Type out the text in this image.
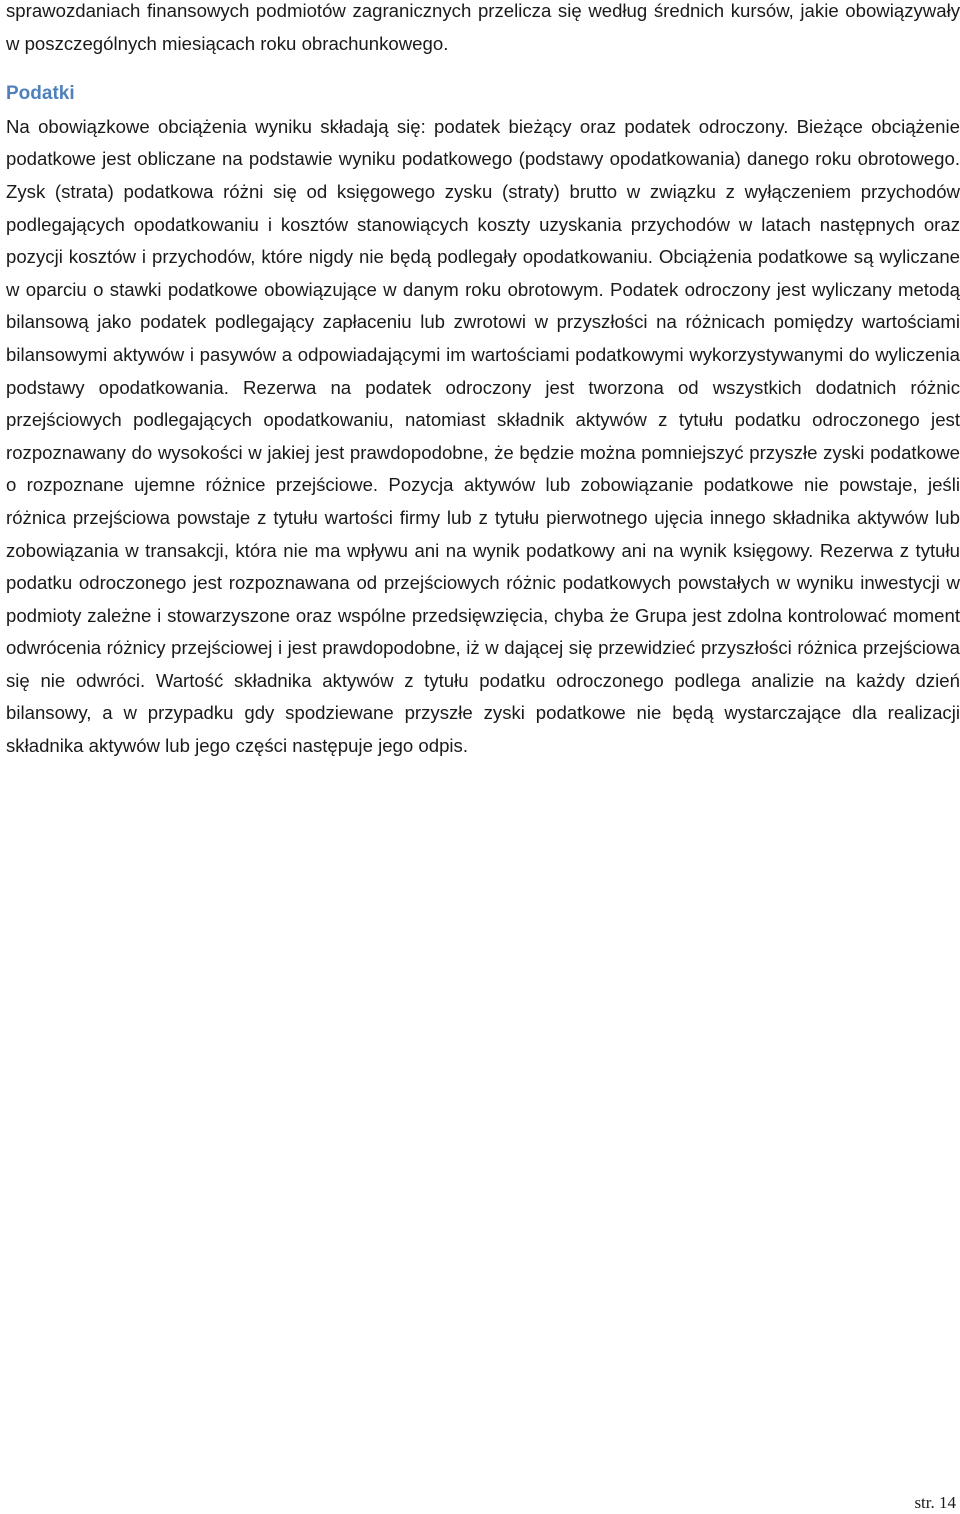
sprawozdaniach finansowych podmiotów zagranicznych przelicza się według średnich kursów, jakie obowiązywały w poszczególnych miesiącach roku obrachunkowego.

Podatki

Na obowiązkowe obciążenia wyniku składają się: podatek bieżący oraz podatek odroczony. Bieżące obciążenie podatkowe jest obliczane na podstawie wyniku podatkowego (podstawy opodatkowania) danego roku obrotowego. Zysk (strata) podatkowa różni się od księgowego zysku (straty) brutto w związku z wyłączeniem przychodów podlegających opodatkowaniu i kosztów stanowiących koszty uzyskania przychodów w latach następnych oraz pozycji kosztów i przychodów, które nigdy nie będą podlegały opodatkowaniu. Obciążenia podatkowe są wyliczane w oparciu o stawki podatkowe obowiązujące w danym roku obrotowym. Podatek odroczony jest wyliczany metodą bilansową jako podatek podlegający zapłaceniu lub zwrotowi w przyszłości na różnicach pomiędzy wartościami bilansowymi aktywów i pasywów a odpowiadającymi im wartościami podatkowymi wykorzystywanymi do wyliczenia podstawy opodatkowania. Rezerwa na podatek odroczony jest tworzona od wszystkich dodatnich różnic przejściowych podlegających opodatkowaniu, natomiast składnik aktywów z tytułu podatku odroczonego jest rozpoznawany do wysokości w jakiej jest prawdopodobne, że będzie można pomniejszyć przyszłe zyski podatkowe o rozpoznane ujemne różnice przejściowe. Pozycja aktywów lub zobowiązanie podatkowe nie powstaje, jeśli różnica przejściowa powstaje z tytułu wartości firmy lub z tytułu pierwotnego ujęcia innego składnika aktywów lub zobowiązania w transakcji, która nie ma wpływu ani na wynik podatkowy ani na wynik księgowy. Rezerwa z tytułu podatku odroczonego jest rozpoznawana od przejściowych różnic podatkowych powstałych w wyniku inwestycji w podmioty zależne i stowarzyszone oraz wspólne przedsięwzięcia, chyba że Grupa jest zdolna kontrolować moment odwrócenia różnicy przejściowej i jest prawdopodobne, iż w dającej się przewidzieć przyszłości różnica przejściowa się nie odwróci. Wartość składnika aktywów z tytułu podatku odroczonego podlega analizie na każdy dzień bilansowy, a w przypadku gdy spodziewane przyszłe zyski podatkowe nie będą wystarczające dla realizacji składnika aktywów lub jego części następuje jego odpis.

str. 14
